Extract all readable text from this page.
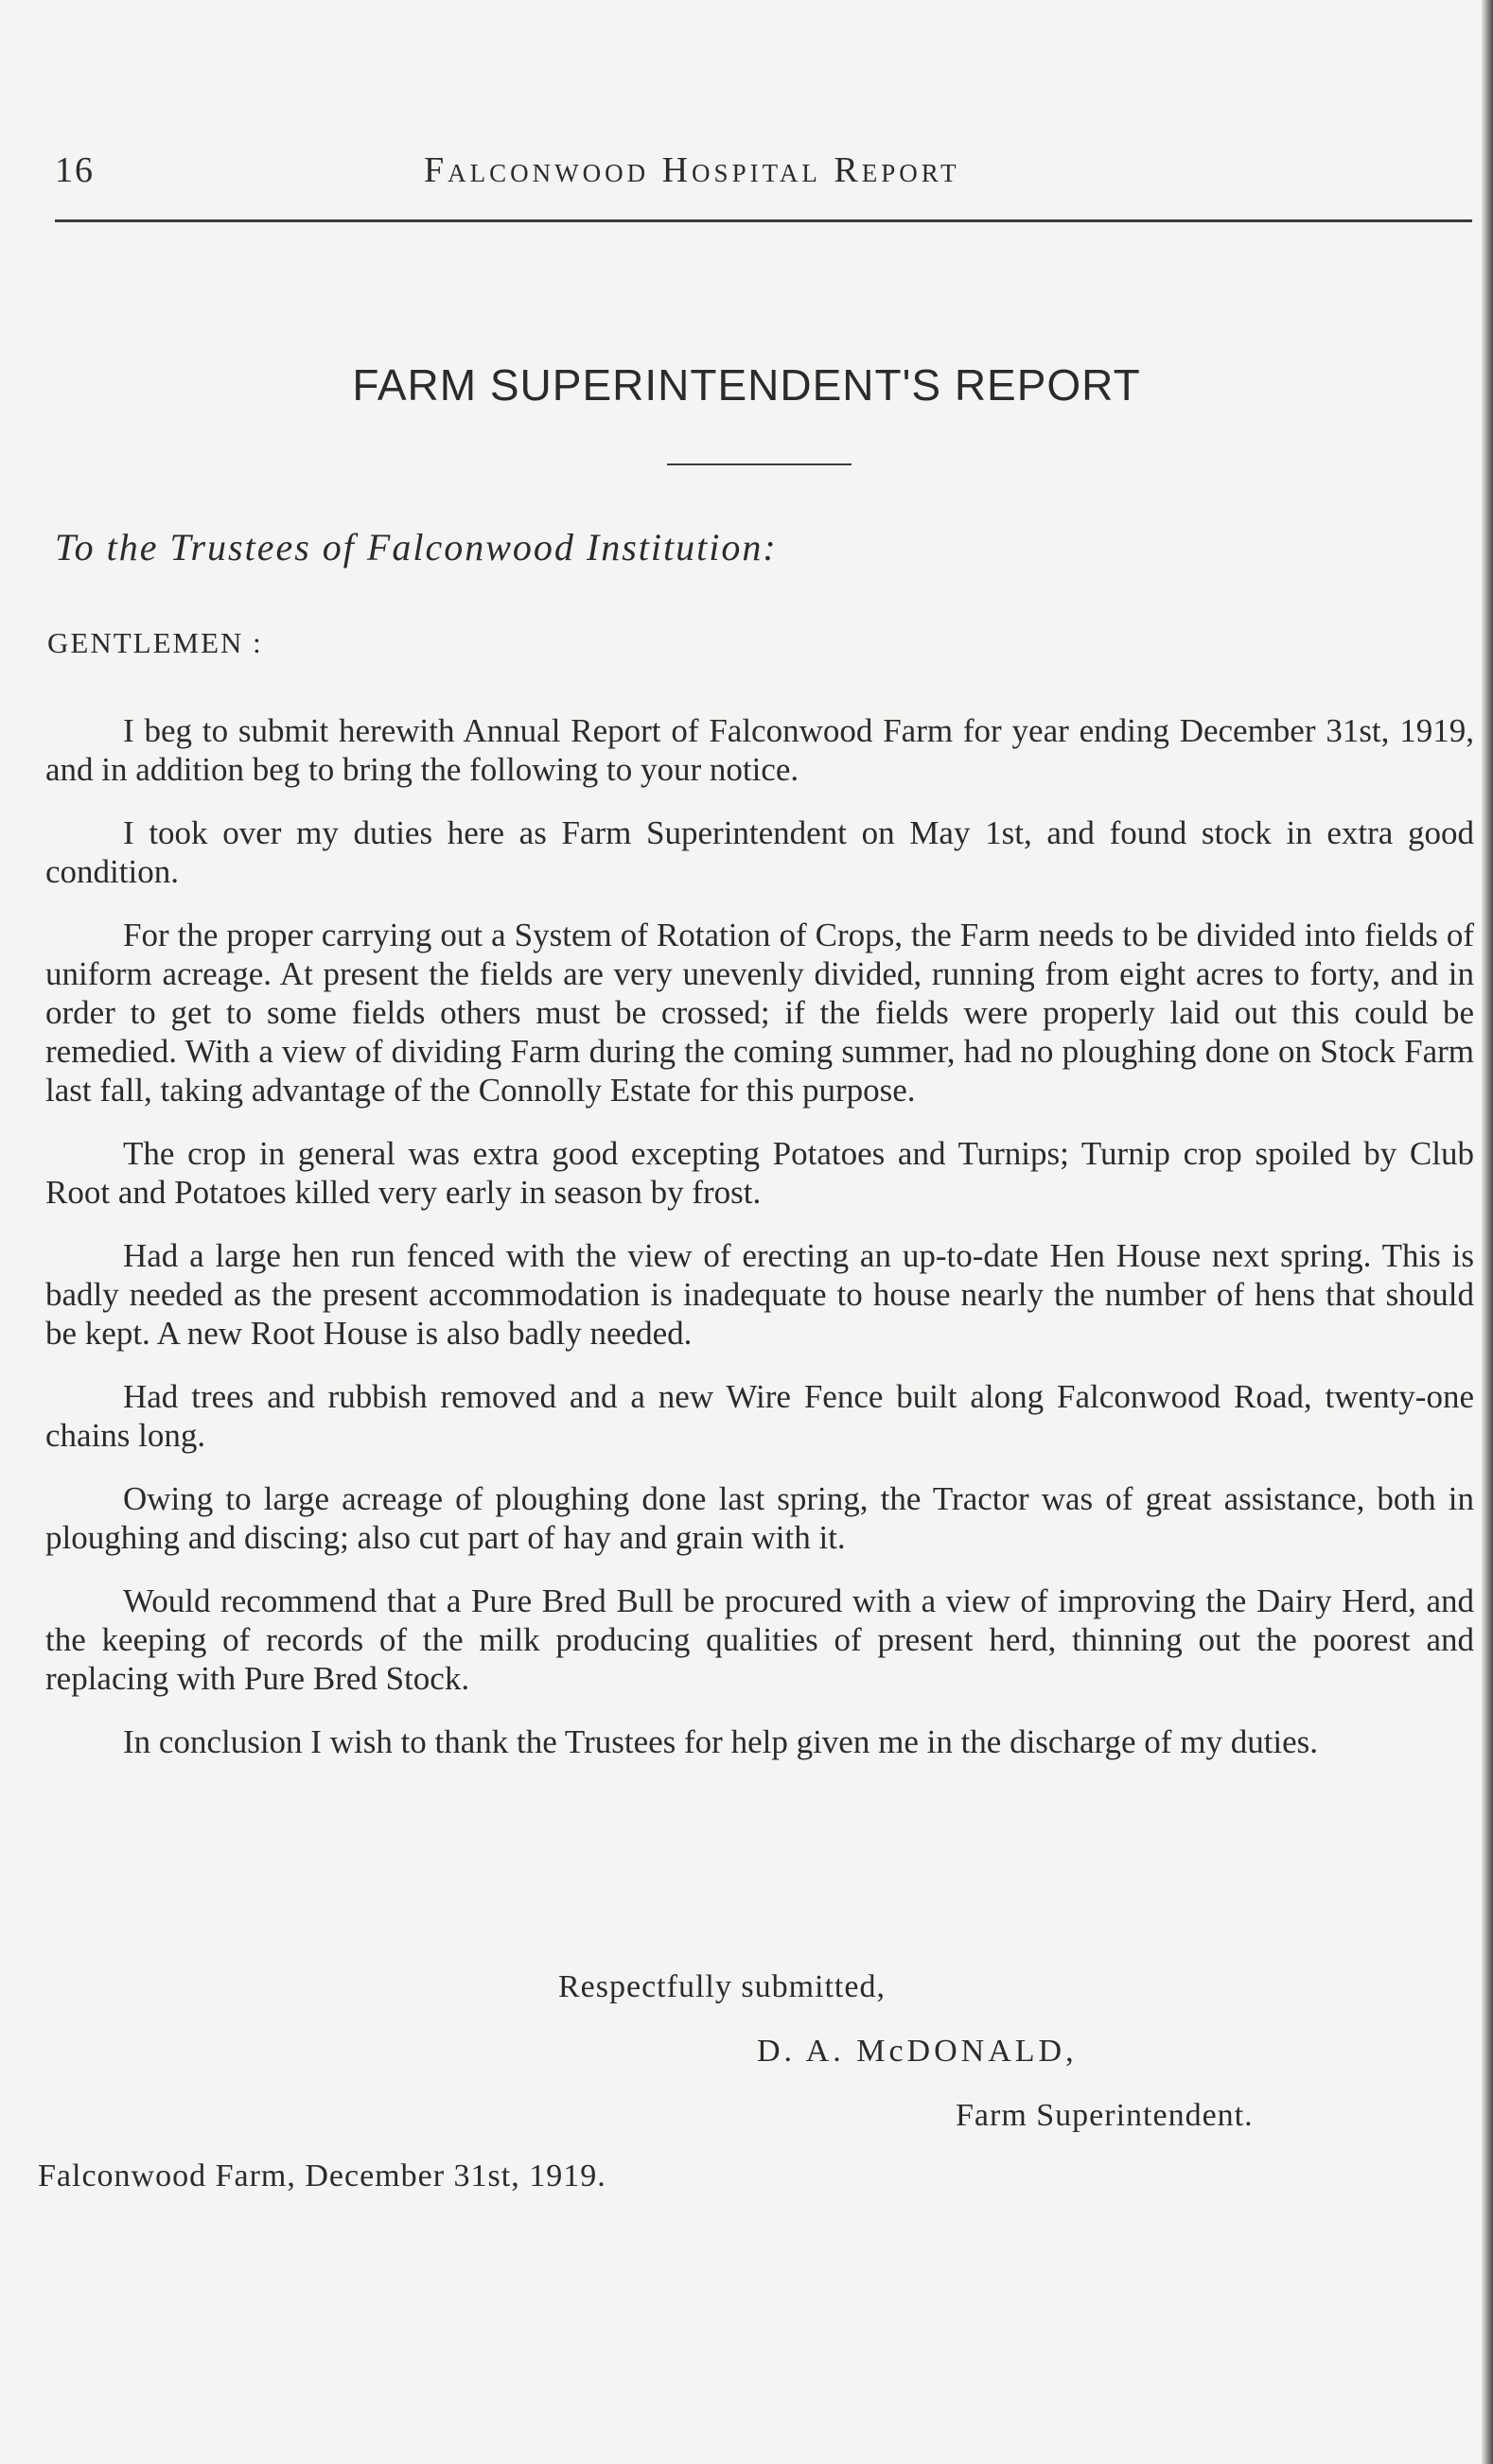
16	Falconwood Hospital Report
FARM SUPERINTENDENT'S REPORT
To the Trustees of Falconwood Institution:
GENTLEMEN :

I beg to submit herewith Annual Report of Falconwood Farm for year ending December 31st, 1919, and in addition beg to bring the following to your notice.

I took over my duties here as Farm Superintendent on May 1st, and found stock in extra good condition.

For the proper carrying out a System of Rotation of Crops, the Farm needs to be divided into fields of uniform acreage. At present the fields are very unevenly divided, running from eight acres to forty, and in order to get to some fields others must be crossed; if the fields were properly laid out this could be remedied. With a view of dividing Farm during the coming summer, had no ploughing done on Stock Farm last fall, taking advantage of the Connolly Estate for this purpose.

The crop in general was extra good excepting Potatoes and Turnips; Turnip crop spoiled by Club Root and Potatoes killed very early in season by frost.

Had a large hen run fenced with the view of erecting an up-to-date Hen House next spring. This is badly needed as the present accommodation is inadequate to house nearly the number of hens that should be kept. A new Root House is also badly needed.

Had trees and rubbish removed and a new Wire Fence built along Falconwood Road, twenty-one chains long.

Owing to large acreage of ploughing done last spring, the Tractor was of great assistance, both in ploughing and discing; also cut part of hay and grain with it.

Would recommend that a Pure Bred Bull be procured with a view of improving the Dairy Herd, and the keeping of records of the milk producing qualities of present herd, thinning out the poorest and replacing with Pure Bred Stock.

In conclusion I wish to thank the Trustees for help given me in the discharge of my duties.

Respectfully submitted,
D. A. McDONALD,
Farm Superintendent.
Falconwood Farm, December 31st, 1919.
